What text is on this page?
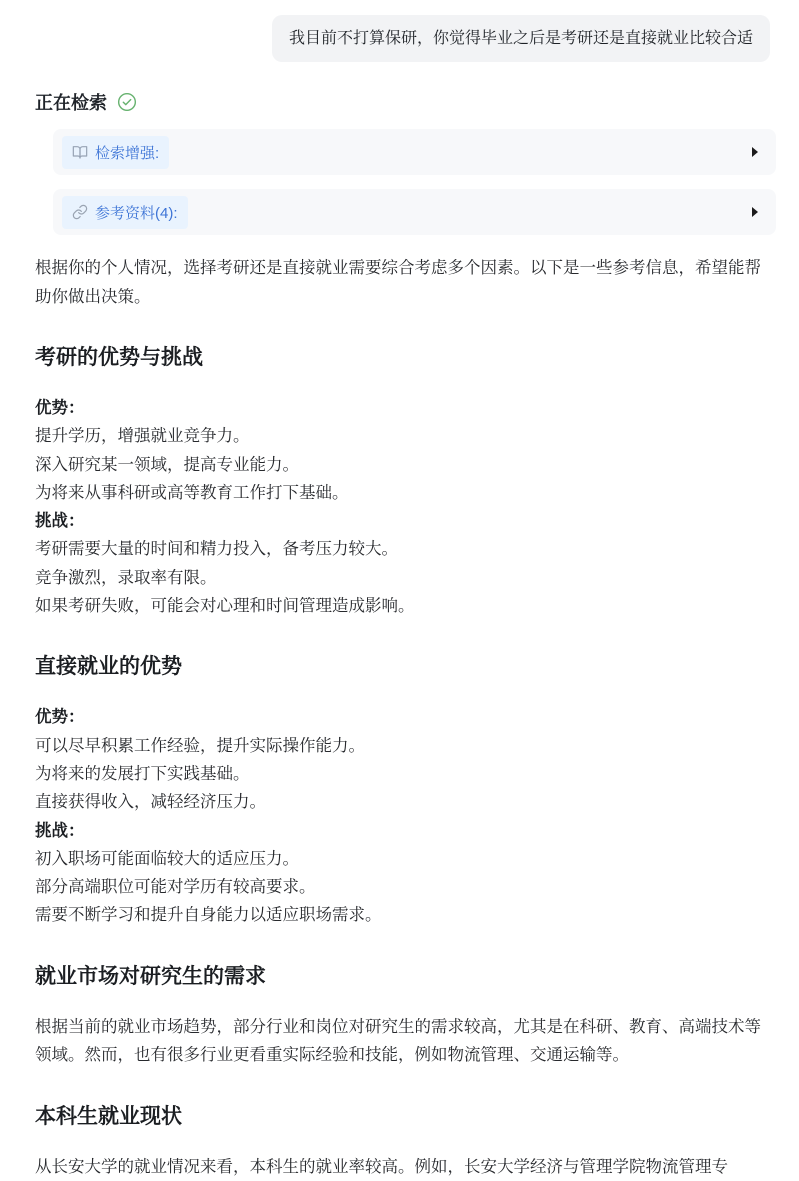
我目前不打算保研，你觉得毕业之后是考研还是直接就业比较合适
正在检索
检索增强:
参考资料(4):

根据你的个人情况，选择考研还是直接就业需要综合考虑多个因素。以下是一些参考信息，希望能帮助你做出决策。

考研的优势与挑战
优势：
提升学历，增强就业竞争力。
深入研究某一领域，提高专业能力。
为将来从事科研或高等教育工作打下基础。
挑战：
考研需要大量的时间和精力投入，备考压力较大。
竞争激烈，录取率有限。
如果考研失败，可能会对心理和时间管理造成影响。
直接就业的优势
优势：
可以尽早积累工作经验，提升实际操作能力。
为将来的发展打下实践基础。
直接获得收入，减轻经济压力。
挑战：
初入职场可能面临较大的适应压力。
部分高端职位可能对学历有较高要求。
需要不断学习和提升自身能力以适应职场需求。
就业市场对研究生的需求

根据当前的就业市场趋势，部分行业和岗位对研究生的需求较高，尤其是在科研、教育、高端技术等领域。然而，也有很多行业更看重实际经验和技能，例如物流管理、交通运输等。

本科生就业现状

从长安大学的就业情况来看，本科生的就业率较高。例如，长安大学经济与管理学院物流管理专
